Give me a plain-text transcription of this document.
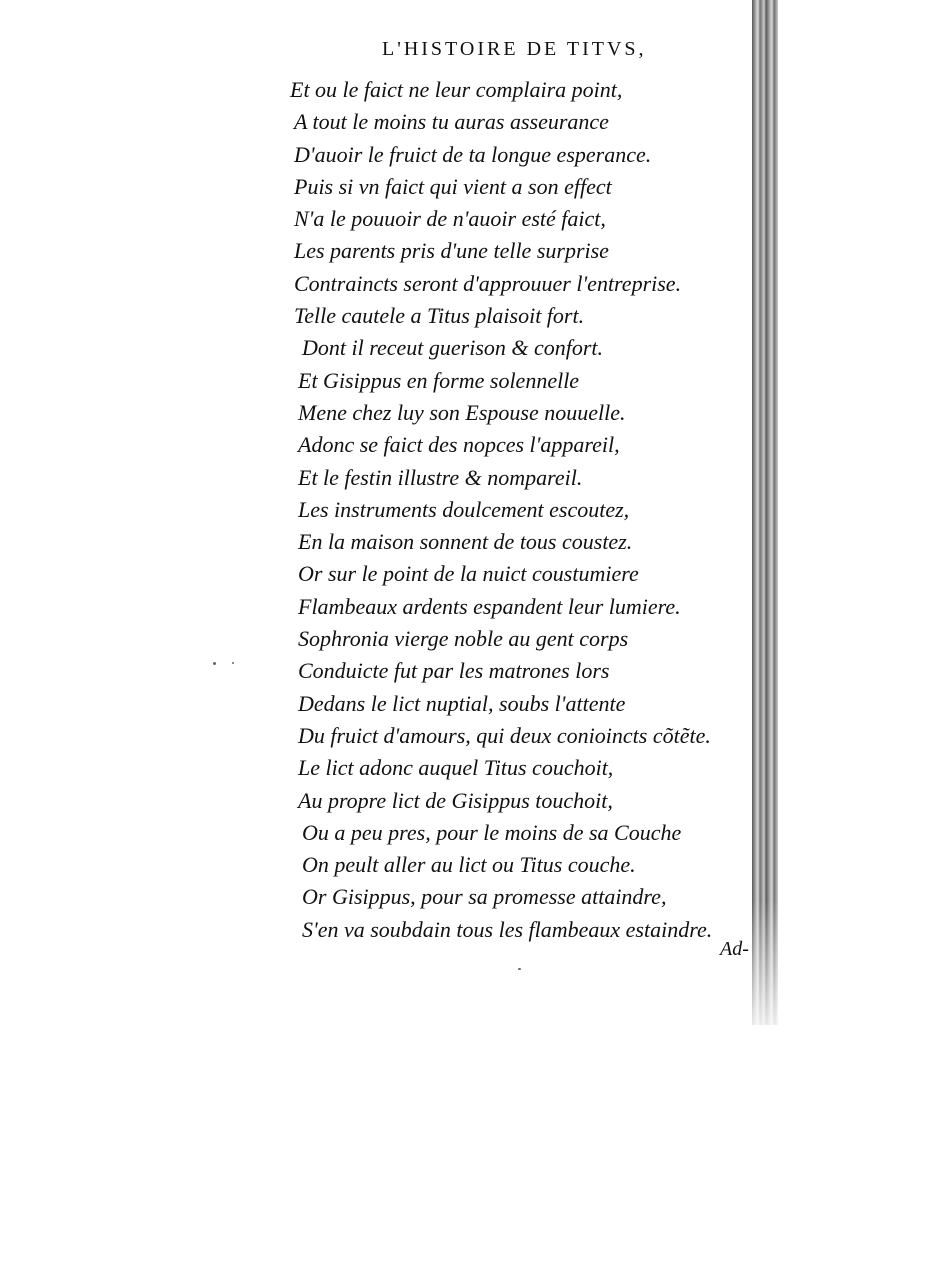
L'HISTOIRE DE TITVS,
Et ou le faict ne leur complaira point,
A tout le moins tu auras asseurance
D'auoir le fruict de ta longue esperance.
Puis si vn faict qui vient a son effect
N'a le pouuoir de n'auoir esté faict,
Les parents pris d'une telle surprise
Contraincts seront d'approuuer l'entreprise.
Telle cautele a Titus plaisoit fort.
Dont il receut guerison & confort.
Et Gisippus en forme solennelle
Mene chez luy son Espouse nouuelle.
Adonc se faict des nopces l'appareil,
Et le festin illustre & nompareil.
Les instruments doulcement escoutez,
En la maison sonnent de tous coustez.
Or sur le point de la nuict coustumiere
Flambeaux ardents espandent leur lumiere.
Sophronia vierge noble au gent corps
Conduicte fut par les matrones lors
Dedans le lict nuptial, soubs l'attente
Du fruict d'amours, qui deux conioincts cõtẽte.
Le lict adonc auquel Titus couchoit,
Au propre lict de Gisippus touchoit,
Ou a peu pres, pour le moins de sa Couche
On peult aller au lict ou Titus couche.
Or Gisippus, pour sa promesse attaindre,
S'en va soubdain tous les flambeaux estaindre.
Ad-
